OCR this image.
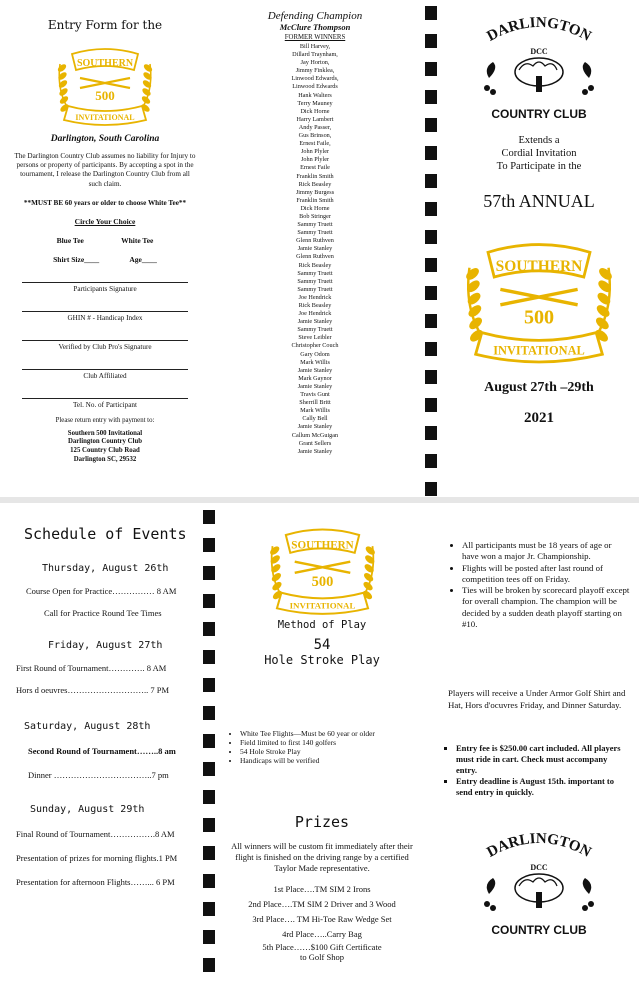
Entry Form for the
SOUTHERN
500
INVITATIONAL
Darlington, South Carolina
The Darlington Country Club assumes no liability for Injury to persons or property of participants. By accepting a spot in the tournament, I release the Darlington Country Club from all such claim.
**MUST BE 60 years or older to choose White Tee**
Circle Your Choice
Blue Tee	White Tee
Shirt Size____	Age____
Participants Signature
GHIN # - Handicap Index
Verified by Club Pro's Signature
Club Affiliated
Tel. No. of Participant
Please return entry with payment to:
Southern 500 Invitational
Darlington Country Club
125 Country Club Road
Darlington SC, 29532
Defending Champion
McClure Thompson
FORMER WINNERS
Bill Harvey,
Dillard Traynham,
Jay Horton,
Jimmy Finklea,
Linwood Edwards,
Linwood Edwards
Hank Walters
Terry Mauney
Dick Horne
Harry Lambert
Andy Passer,
Gus Brinson,
Ernest Faile,
John Plyler
John Plyler
Ernest Faile
Franklin Smith
Rick Beasley
Jimmy Burgess
Franklin Smith
Dick Horne
Bob Stringer
Sammy Truett
Sammy Truett
Glenn Ruthven
Jamie Stanley
Glenn Ruthven
Rick Beasley
Sammy Truett
Sammy Truett
Sammy Truett
Joe Hendrick
Rick Beasley
Joe Hendrick
Jamie Stanley
Sammy Truett
Steve Leibler
Christopher Couch
Gary Odom
Mark Willis
Jamie Stanley
Mark Gaynor
Jamie Stanley
Travis Gunt
Sherrill Britt
Mark Willis
Cally Bell
Jamie Stanley
Callum McGuigan
Grant Sellers
Jamie Stanley
DARLINGTON
DCC
COUNTRY CLUB
Extends a
Cordial Invitation
To Participate in the
57th ANNUAL
SOUTHERN
500
INVITATIONAL
August 27th –29th
2021
Schedule of Events
Thursday, August 26th

Course Open for Practice…………… 8 AM

Call for Practice Round Tee Times

Friday, August 27th

First Round of Tournament…………. 8 AM

Hors d oeuvres……………………….. 7 PM

Saturday, August 28th

Second Round of Tournament……..8 am

Dinner ……………………………..7 pm

Sunday, August 29th

Final Round of Tournament…………….8 AM

Presentation of prizes for morning flights.1 PM

Presentation for afternoon Flights……... 6 PM

SOUTHERN
500
INVITATIONAL
Method of Play
54
Hole Stroke Play
• White Tee Flights—Must be 60 year or older
• Field limited to first 140 golfers
• 54 Hole Stroke Play
• Handicaps will be verified
Prizes
All winners will be custom fit immediately after their flight is finished on the driving range by a certified Taylor Made representative.
1st Place….TM SIM 2 Irons
2nd Place….TM SIM 2 Driver and 3 Wood
3rd Place…. TM Hi-Toe Raw Wedge Set
4rd Place…..Carry Bag
5th Place……$100 Gift Certificate
to Golf Shop
• All participants must be 18 years of age or have won a major Jr. Championship.
• Flights will be posted after last round of competition tees off on Friday.
• Ties will be broken by scorecard playoff except for overall champion. The champion will be decided by a sudden death playoff starting on #10.
Players will receive a Under Armor Golf Shirt and Hat, Hors d'ocuvres Friday, and Dinner Saturday.
▪ Entry fee is $250.00 cart included. All players must ride in cart. Check must accompany entry.
▪ Entry deadline is August 15th. important to send entry in quickly.
DARLINGTON
DCC
COUNTRY CLUB
